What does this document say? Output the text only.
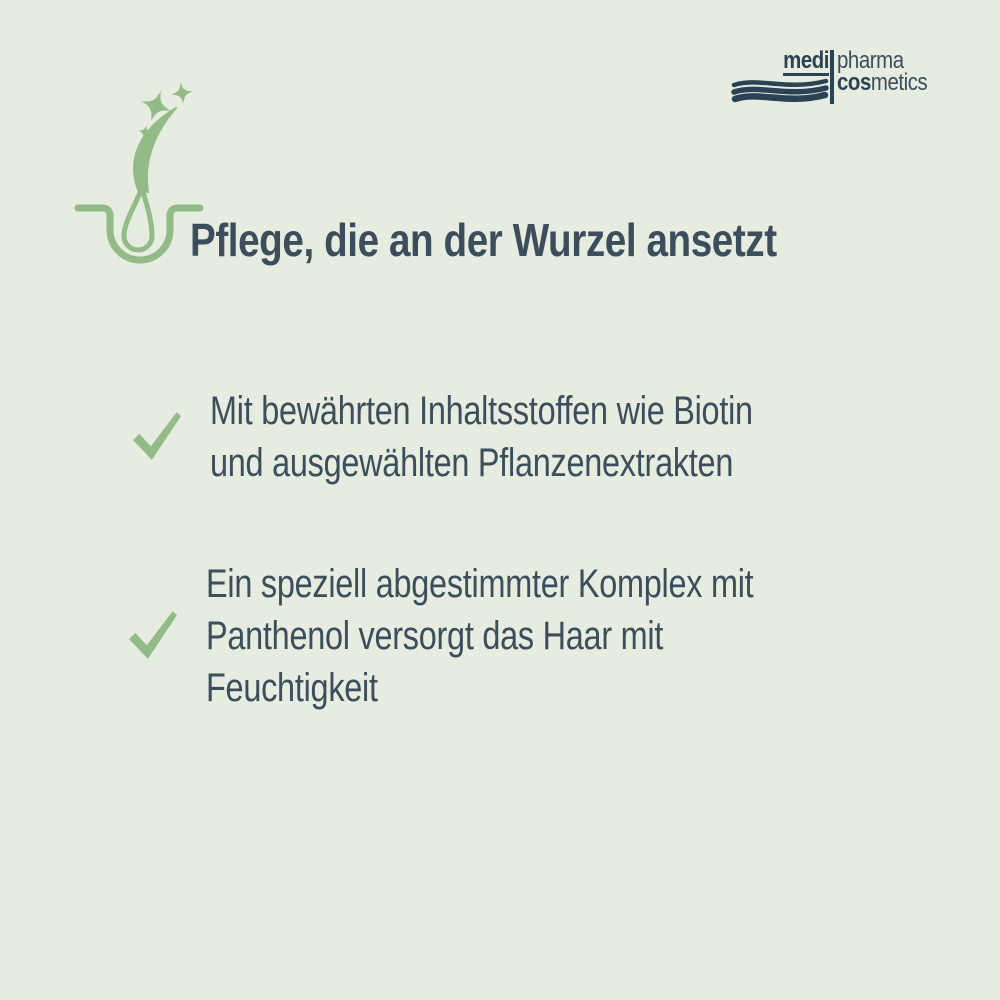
medi pharma
cosmetics
Pflege, die an der Wurzel ansetzt
Mit bewährten Inhaltsstoffen wie Biotin
und ausgewählten Pflanzenextrakten
Ein speziell abgestimmter Komplex mit
Panthenol versorgt das Haar mit
Feuchtigkeit
